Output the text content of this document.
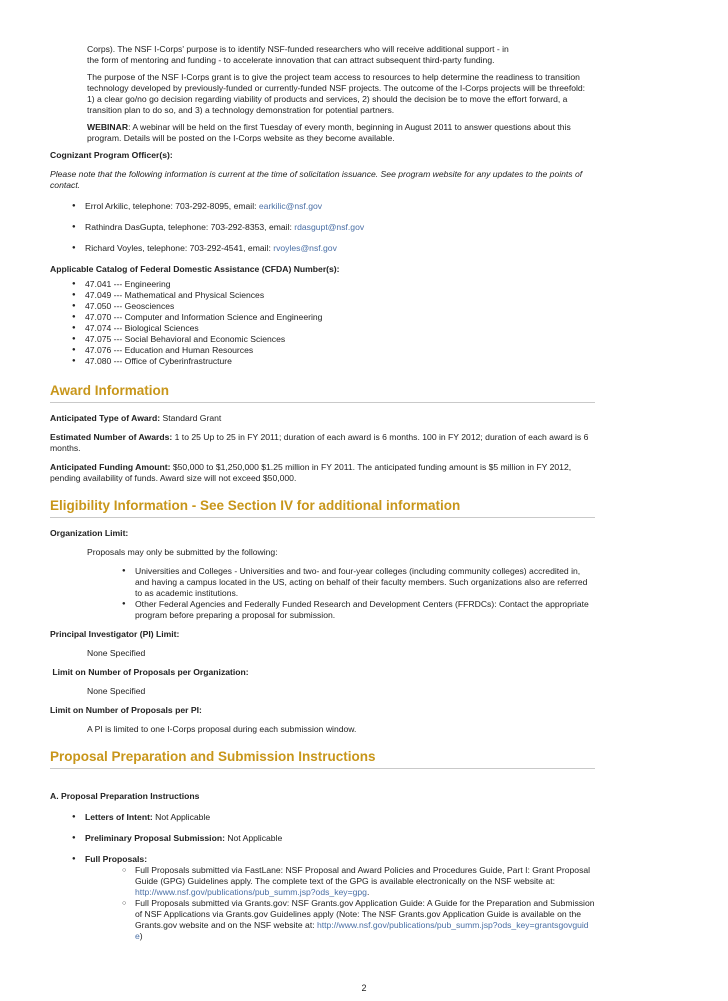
Corps). The NSF I-Corps' purpose is to identify NSF-funded researchers who will receive additional support - in
the form of mentoring and funding - to accelerate innovation that can attract subsequent third-party funding.

The purpose of the NSF I-Corps grant is to give the project team access to resources to help determine the readiness to transition technology developed by previously-funded or currently-funded NSF projects. The outcome of the I-Corps projects will be threefold: 1) a clear go/no go decision regarding viability of products and services, 2) should the decision be to move the effort forward, a transition plan to do so, and 3) a technology demonstration for potential partners.

WEBINAR: A webinar will be held on the first Tuesday of every month, beginning in August 2011 to answer questions about this program. Details will be posted on the I-Corps website as they become available.

Cognizant Program Officer(s):

Please note that the following information is current at the time of solicitation issuance. See program website for any updates to the points of contact.

● Errol Arkilic, telephone: 703-292-8095, email: earkilic@nsf.gov
● Rathindra DasGupta, telephone: 703-292-8353, email: rdasgupt@nsf.gov
● Richard Voyles, telephone: 703-292-4541, email: rvoyles@nsf.gov

Applicable Catalog of Federal Domestic Assistance (CFDA) Number(s):

● 47.041 --- Engineering
● 47.049 --- Mathematical and Physical Sciences
● 47.050 --- Geosciences
● 47.070 --- Computer and Information Science and Engineering
● 47.074 --- Biological Sciences
● 47.075 --- Social Behavioral and Economic Sciences
● 47.076 --- Education and Human Resources
● 47.080 --- Office of Cyberinfrastructure
Award Information

Anticipated Type of Award: Standard Grant

Estimated Number of Awards: 1 to 25 Up to 25 in FY 2011; duration of each award is 6 months. 100 in FY 2012; duration of each award is 6 months.

Anticipated Funding Amount: $50,000 to $1,250,000 $1.25 million in FY 2011. The anticipated funding amount is $5 million in FY 2012, pending availability of funds. Award size will not exceed $50,000.

Eligibility Information - See Section IV for additional information

Organization Limit:

Proposals may only be submitted by the following:

● Universities and Colleges - Universities and two- and four-year colleges (including community colleges) accredited in, and having a campus located in the US, acting on behalf of their faculty members. Such organizations also are referred to as academic institutions.
● Other Federal Agencies and Federally Funded Research and Development Centers (FFRDCs): Contact the appropriate program before preparing a proposal for submission.

Principal Investigator (PI) Limit:

None Specified

Limit on Number of Proposals per Organization:

None Specified

Limit on Number of Proposals per PI:

A PI is limited to one I-Corps proposal during each submission window.

Proposal Preparation and Submission Instructions

A. Proposal Preparation Instructions

● Letters of Intent: Not Applicable
● Preliminary Proposal Submission: Not Applicable
● Full Proposals:
○ Full Proposals submitted via FastLane: NSF Proposal and Award Policies and Procedures Guide, Part I: Grant Proposal Guide (GPG) Guidelines apply. The complete text of the GPG is available electronically on the NSF website at: http://www.nsf.gov/publications/pub_summ.jsp?ods_key=gpg.
○ Full Proposals submitted via Grants.gov: NSF Grants.gov Application Guide: A Guide for the Preparation and Submission of NSF Applications via Grants.gov Guidelines apply (Note: The NSF Grants.gov Application Guide is available on the Grants.gov website and on the NSF website at: http://www.nsf.gov/publications/pub_summ.jsp?ods_key=grantsgovguide)
2
